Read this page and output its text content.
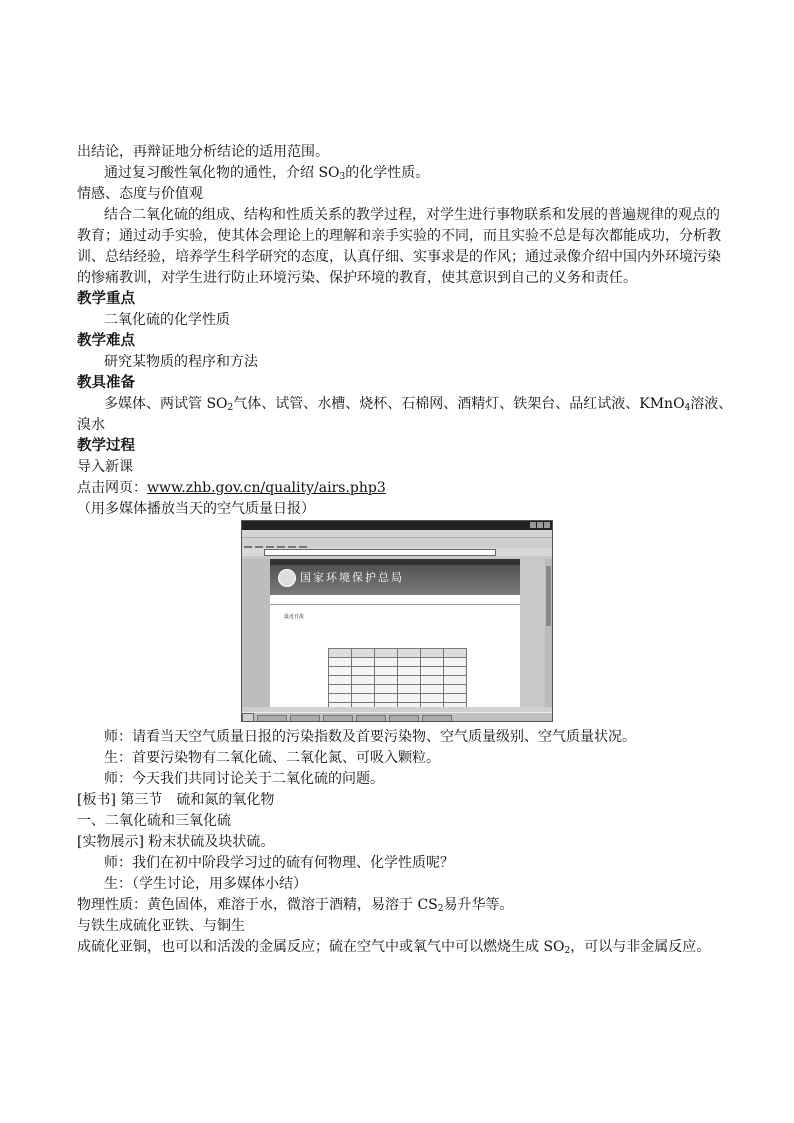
出结论，再辩证地分析结论的适用范围。
通过复习酸性氧化物的通性，介绍 $SO_3$的化学性质。
情感、态度与价值观
结合二氧化硫的组成、结构和性质关系的教学过程，对学生进行事物联系和发展的普遍规律的观点的教育；通过动手实验，使其体会理论上的理解和亲手实验的不同，而且实验不总是每次都能成功，分析教训、总结经验，培养学生科学研究的态度，认真仔细、实事求是的作风；通过录像介绍中国内外环境污染的惨痛教训，对学生进行防止环境污染、保护环境的教育，使其意识到自己的义务和责任。
教学重点
二氧化硫的化学性质
教学难点
研究某物质的程序和方法
教具准备
多媒体、两试管 $SO_2$气体、试管、水槽、烧杯、石棉网、酒精灯、铁架台、品红试液、KMnO$_4$溶液、
溴水
教学过程
导入新课
点击网页：www.zhb.gov.cn/quality/airs.php3
（用多媒体播放当天的空气质量日报）
国家环境保护总局

最近日报

师：请看当天空气质量日报的污染指数及首要污染物、空气质量级别、空气质量状况。
生：首要污染物有二氧化硫、二氧化氮、可吸入颗粒。
师：今天我们共同讨论关于二氧化硫的问题。
[板书] 第三节　硫和氮的氧化物
一、二氧化硫和三氧化硫
[实物展示] 粉末状硫及块状硫。
师：我们在初中阶段学习过的硫有何物理、化学性质呢？
生：（学生讨论，用多媒体小结）
物理性质：黄色固体，难溶于水，微溶于酒精，易溶于 $CS_2$易升华等。
与铁生成硫化亚铁、与铜生
成硫化亚铜，也可以和活泼的金属反应；硫在空气中或氧气中可以燃烧生成 $SO_2$，可以与非金属反应。
